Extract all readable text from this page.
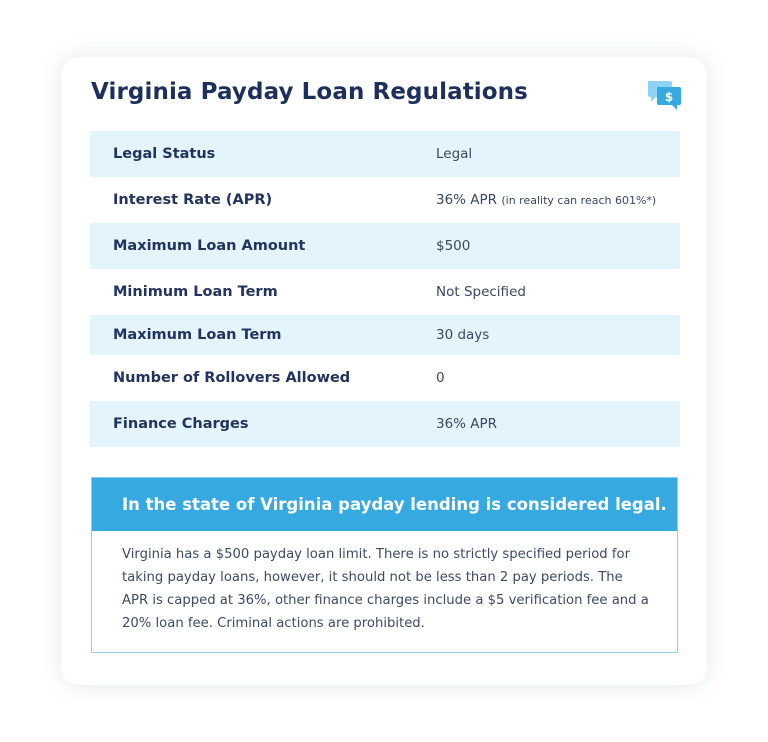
Virginia Payday Loan Regulations	$
Legal Status	Legal
Interest Rate (APR)	36% APR (in reality can reach 601%*)
Maximum Loan Amount	$500
Minimum Loan Term	Not Specified
Maximum Loan Term	30 days
Number of Rollovers Allowed	0
Finance Charges	36% APR
In the state of Virginia payday lending is considered legal.
Virginia has a $500 payday loan limit. There is no strictly specified period for taking payday loans, however, it should not be less than 2 pay periods. The APR is capped at 36%, other finance charges include a $5 verification fee and a 20% loan fee. Criminal actions are prohibited.
